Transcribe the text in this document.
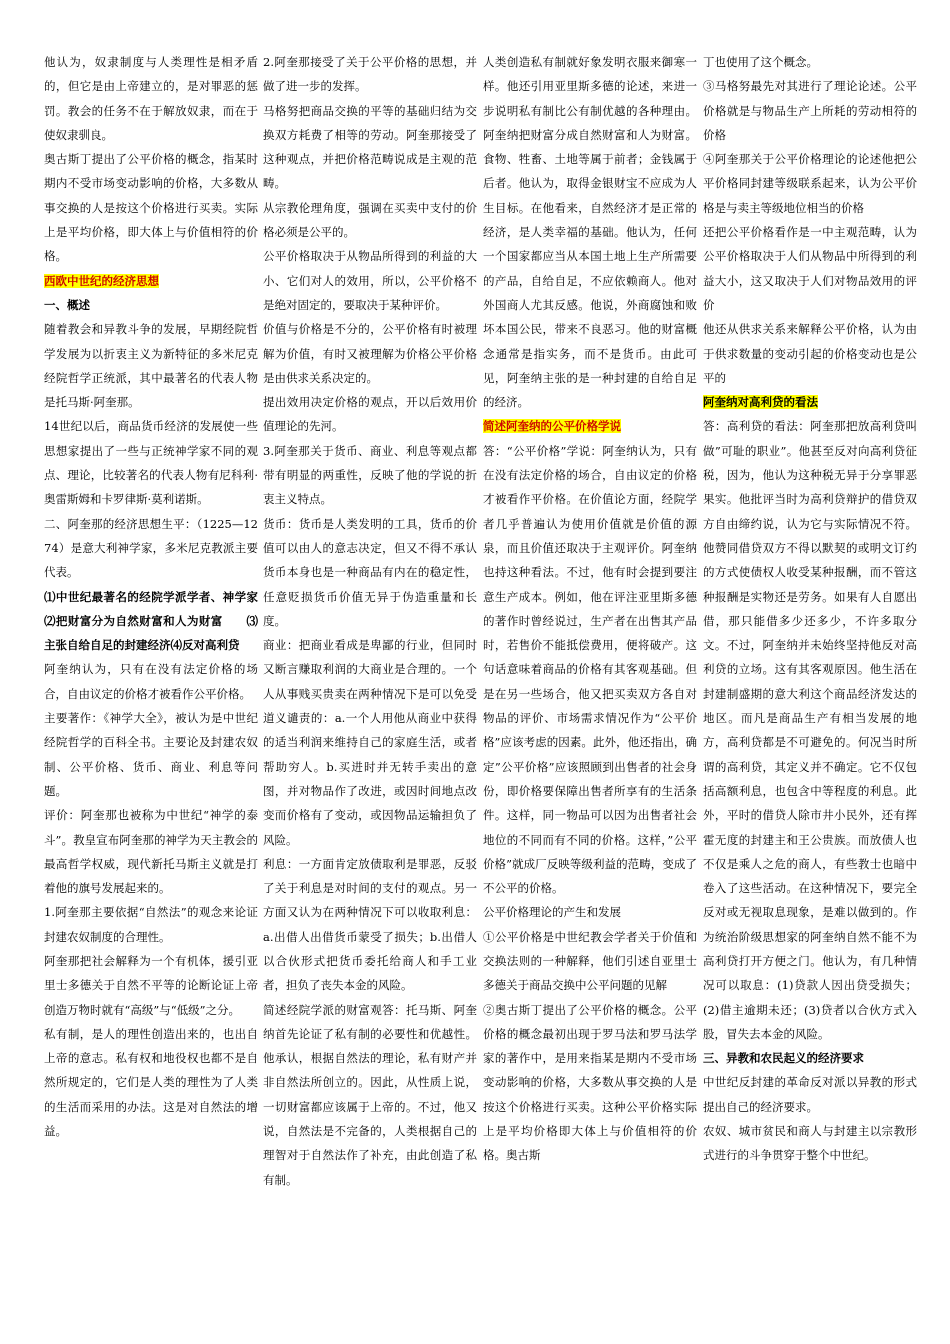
他认为，奴隶制度与人类理性是相矛盾的，但它是由上帝建立的，是对罪恶的惩罚。教会的任务不在于解放奴隶，而在于使奴隶驯良。

奥古斯丁提出了公平价格的概念，指某时期内不受市场变动影响的价格，大多数从事交换的人是按这个价格进行买卖。实际上是平均价格，即大体上与价值相符的价格。

西欧中世纪的经济思想

一、概述

随着教会和异教斗争的发展，早期经院哲学发展为以折衷主义为新特征的多米尼克经院哲学正统派，其中最著名的代表人物是托马斯·阿奎那。

14世纪以后，商品货币经济的发展使一些思想家提出了一些与正统神学家不同的观点、理论，比较著名的代表人物有尼科利·奥雷斯姆和卡罗律斯·莫利诺斯。

二、阿奎那的经济思想生平：（1225—1274）是意大利神学家，多米尼克教派主要代表。

⑴中世纪最著名的经院学派学者、神学家⑵把财富分为自然财富和人为财富　　⑶主张自给自足的封建经济⑷反对高利贷

阿奎纳认为，只有在没有法定价格的场合，自由议定的价格才被看作公平价格。

主要著作：《神学大全》，被认为是中世纪经院哲学的百科全书。主要论及封建农奴制、公平价格、货币、商业、利息等问题。

评价：阿奎那也被称为中世纪“神学的泰斗”。教皇宣布阿奎那的神学为天主教会的最高哲学权威，现代新托马斯主义就是打着他的旗号发展起来的。

1.阿奎那主要依据“自然法”的观念来论证封建农奴制度的合理性。

阿奎那把社会解释为一个有机体，援引亚里士多德关于自然不平等的论断论证上帝创造万物时就有“高级”与“低级”之分。

私有制，是人的理性创造出来的，也出自上帝的意志。私有权和地役权也都不是自然所规定的，它们是人类的理性为了人类的生活而采用的办法。这是对自然法的增益。

2.阿奎那接受了关于公平价格的思想，并做了进一步的发挥。

马格努把商品交换的平等的基础归结为交换双方耗费了相等的劳动。阿奎那接受了这种观点，并把价格范畴说成是主观的范畴。

从宗教伦理角度，强调在买卖中支付的价格必须是公平的。

公平价格取决于从物品所得到的利益的大小、它们对人的效用，所以，公平价格不是绝对固定的，要取决于某种评价。

价值与价格是不分的，公平价格有时被理解为价值，有时又被理解为价格公平价格是由供求关系决定的。

提出效用决定价格的观点，开以后效用价值理论的先河。

3.阿奎那关于货币、商业、利息等观点都带有明显的两重性，反映了他的学说的折衷主义特点。

货币：货币是人类发明的工具，货币的价值可以由人的意志决定，但又不得不承认货币本身也是一种商品有内在的稳定性，任意贬损货币价值无异于伪造重量和长度。

商业：把商业看成是卑鄙的行业，但同时又断言赚取利润的大商业是合理的。一个人从事贱买贵卖在两种情况下是可以免受道义谴责的：a.一个人用他从商业中获得的适当利润来维持自己的家庭生活，或者帮助穷人。b.买进时并无转手卖出的意图，并对物品作了改进，或因时间地点改变而价格有了变动，或因物品运输担负了风险。

利息：一方面肯定放债取利是罪恶，反驳了关于利息是对时间的支付的观点。另一方面又认为在两种情况下可以收取利息：a.出借人出借货币蒙受了损失；b.出借人以合伙形式把货币委托给商人和手工业者，担负了丧失本金的风险。

简述经院学派的财富观答：托马斯、阿奎纳首先论证了私有制的必要性和优越性。他承认，根据自然法的理论，私有财产并非自然法所创立的。因此，从性质上说，一切财富都应该属于上帝的。不过，他又说，自然法是不完备的，人类根据自己的理智对于自然法作了补充，由此创造了私有制。

人类创造私有制就好象发明衣服来御寒一样。他还引用亚里斯多德的论述，来进一步说明私有制比公有制优越的各种理由。阿奎纳把财富分成自然财富和人为财富。食物、牲畜、土地等属于前者；金钱属于后者。他认为，取得金银财宝不应成为人生目标。在他看来，自然经济才是正常的经济，是人类幸福的基础。他认为，任何一个国家都应当从本国土地上生产所需要的产品，自给自足，不应依赖商人。他对外国商人尤其反感。他说，外商腐蚀和败坏本国公民，带来不良恶习。他的财富概念通常是指实务，而不是货币。由此可见，阿奎纳主张的是一种封建的自给自足的经济。

简述阿奎纳的公平价格学说

答：“公平价格”学说：阿奎纳认为，只有在没有法定价格的场合，自由议定的价格才被看作平价格。在价值论方面，经院学者几乎普遍认为使用价值就是价值的源泉，而且价值还取决于主观评价。阿奎纳也持这种看法。不过，他有时会提到要注意生产成本。例如，他在评注亚里斯多德的著作时曾经说过，生产者在出售其产品时，若售价不能抵偿费用，便将破产。这句话意味着商品的价格有其客观基础。但是在另一些场合，他又把买卖双方各自对物品的评价、市场需求情况作为“公平价格”应该考虑的因素。此外，他还指出，确定”公平价格”应该照顾到出售者的社会身份，即价格要保障出售者所享有的生活条件。这样，同一物品可以因为出售者社会地位的不同而有不同的价格。这样，”公平价格”就成厂反映等级利益的范畴，变成了不公平的价格。

公平价格理论的产生和发展

①公平价格是中世纪教会学者关于价值和交换法则的一种解释，他们引述自亚里士多德关于商品交换中公平问题的见解

②奥古斯丁提出了公平价格的概念。公平价格的概念最初出现于罗马法和罗马法学家的著作中，是用来指某是期内不受市场变动影响的价格，大多数从事交换的人是按这个价格进行买卖。这种公平价格实际上是平均价格即大体上与价值相符的价格。奥古斯

丁也使用了这个概念。

③马格努最先对其进行了理论论述。公平价格就是与物品生产上所耗的劳动相符的价格

④阿奎那关于公平价格理论的论述他把公平价格同封建等级联系起来，认为公平价格是与卖主等级地位相当的价格

还把公平价格看作是一中主观范畴，认为公平价格取决于人们从物品中所得到的利益大小，这又取决于人们对物品效用的评价

他还从供求关系来解释公平价格，认为由于供求数量的变动引起的价格变动也是公平的

阿奎纳对高利贷的看法

答：高利贷的看法：阿奎那把放高利贷叫做”可耻的职业”。他甚至反对向高利贷征税，因为，他认为这种税无异于分享罪恶果实。他批评当时为高利贷辩护的借贷双方自由缔约说，认为它与实际情况不符。他赞同借贷双方不得以默契的或明文订约的方式使债权人收受某种报酬，而不管这种报酬是实物还是劳务。如果有人自愿出借，那只能借多少还多少，不许多取分文。不过，阿奎纳并未始终坚持他反对高利贷的立场。这有其客观原因。他生活在封建制盛期的意大利这个商品经济发达的地区。而凡是商品生产有相当发展的地方，高利贷都是不可避免的。何况当时所谓的高利贷，其定义并不确定。它不仅包括高额利息，也包含中等程度的利息。此外，平时的借贷人除市井小民外，还有挥霍无度的封建主和王公贵族。而放债人也不仅是乘人之危的商人，有些教士也暗中卷入了这些活动。在这种情况下，要完全反对或无视取息现象，是难以做到的。作为统治阶级思想家的阿奎纳自然不能不为高利贷打开方便之门。他认为，有几种情况可以取息：(1)贷款人因出贷受损失；(2)借主逾期未还；(3)贷者以合伙方式入股，冒失去本金的风险。

三、异教和农民起义的经济要求

中世纪反封建的革命反对派以异教的形式提出自己的经济要求。

农奴、城市贫民和商人与封建主以宗教形式进行的斗争贯穿于整个中世纪。
